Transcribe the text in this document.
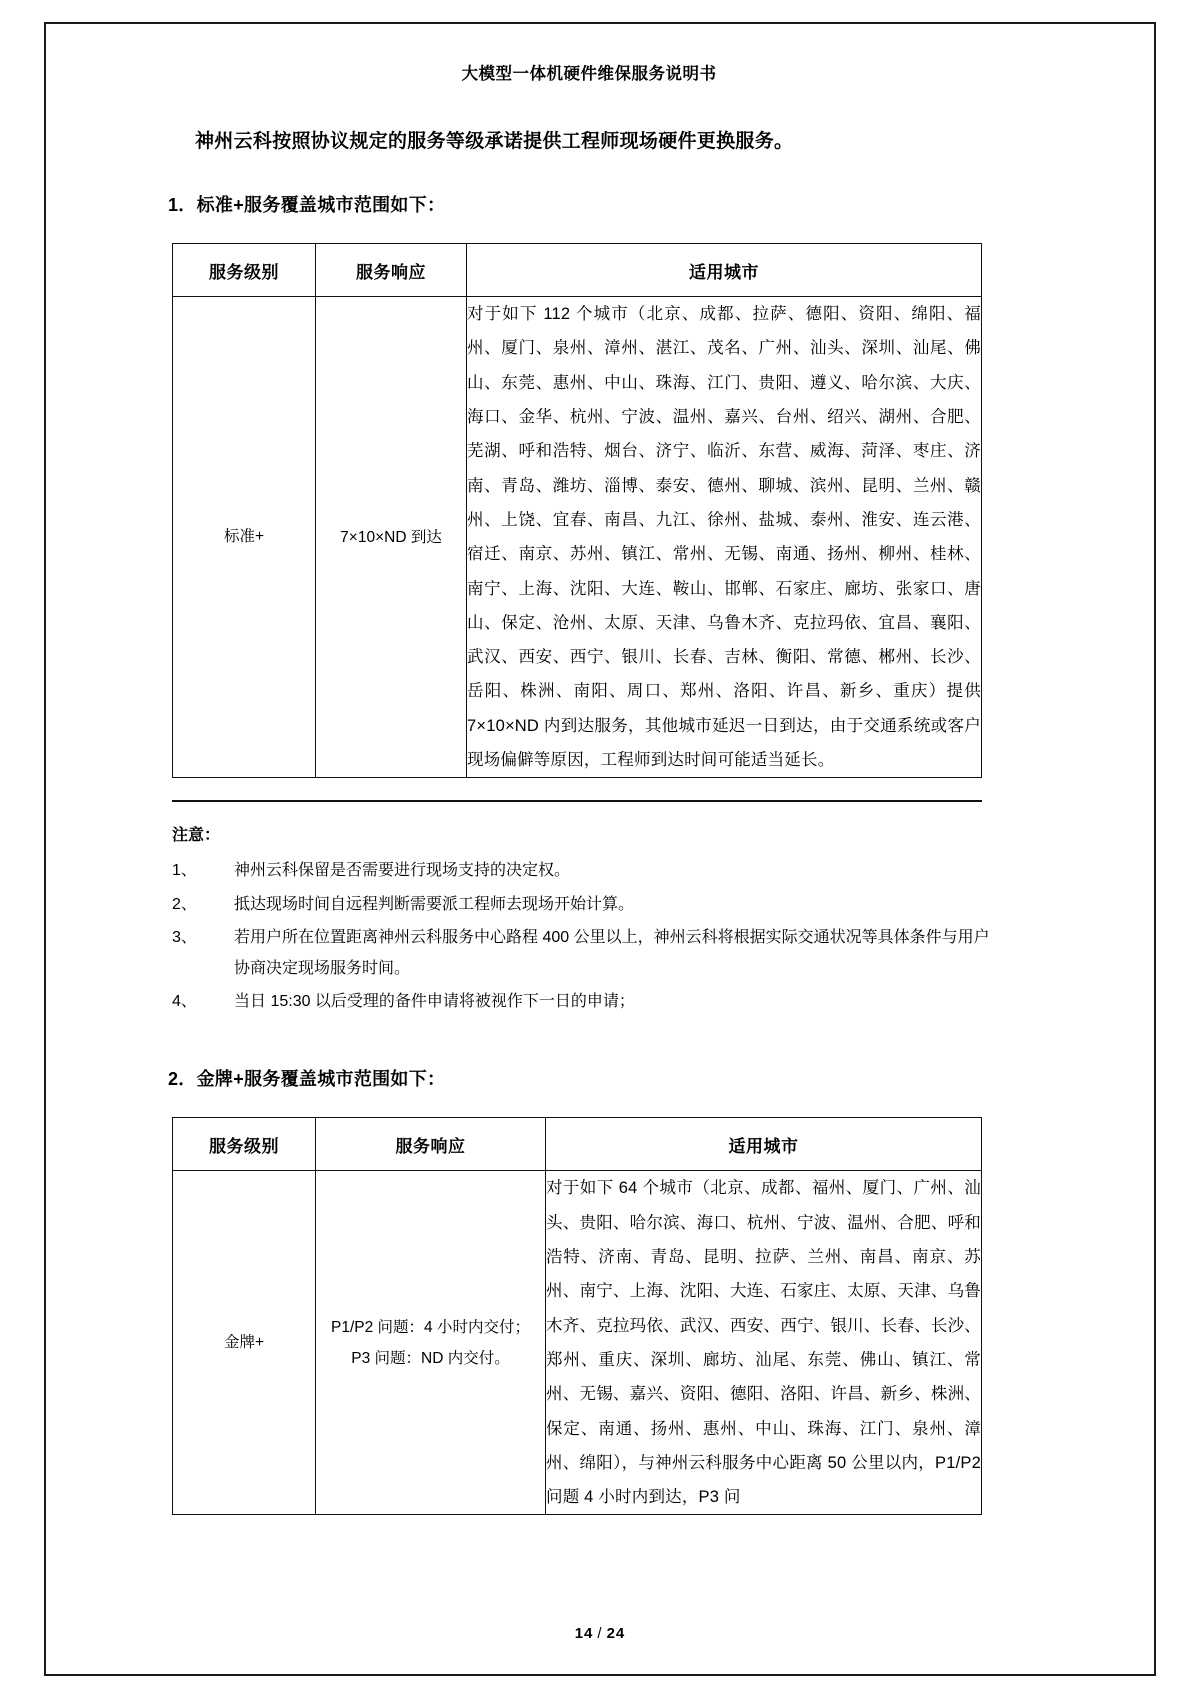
大模型一体机硬件维保服务说明书

神州云科按照协议规定的服务等级承诺提供工程师现场硬件更换服务。

1．标准+服务覆盖城市范围如下：
服务级别	服务响应	适用城市
标准+	7×10×ND 到达	对于如下 112 个城市（北京、成都、拉萨、德阳、资阳、绵阳、福州、厦门、泉州、漳州、湛江、茂名、广州、汕头、深圳、汕尾、佛山、东莞、惠州、中山、珠海、江门、贵阳、遵义、哈尔滨、大庆、海口、金华、杭州、宁波、温州、嘉兴、台州、绍兴、湖州、合肥、芜湖、呼和浩特、烟台、济宁、临沂、东营、威海、菏泽、枣庄、济南、青岛、潍坊、淄博、泰安、德州、聊城、滨州、昆明、兰州、赣州、上饶、宜春、南昌、九江、徐州、盐城、泰州、淮安、连云港、宿迁、南京、苏州、镇江、常州、无锡、南通、扬州、柳州、桂林、南宁、上海、沈阳、大连、鞍山、邯郸、石家庄、廊坊、张家口、唐山、保定、沧州、太原、天津、乌鲁木齐、克拉玛依、宜昌、襄阳、武汉、西安、西宁、银川、长春、吉林、衡阳、常德、郴州、长沙、岳阳、株洲、南阳、周口、郑州、洛阳、许昌、新乡、重庆）提供 7×10×ND 内到达服务，其他城市延迟一日到达，由于交通系统或客户现场偏僻等原因，工程师到达时间可能适当延长。
注意：
1、	神州云科保留是否需要进行现场支持的决定权。
2、	抵达现场时间自远程判断需要派工程师去现场开始计算。
3、	若用户所在位置距离神州云科服务中心路程 400 公里以上，神州云科将根据实际交通状况等具体条件与用户协商决定现场服务时间。
4、	当日 15:30 以后受理的备件申请将被视作下一日的申请；
2．金牌+服务覆盖城市范围如下：
服务级别	服务响应	适用城市
金牌+	P1/P2 问题：4 小时内交付；
P3 问题：ND 内交付。	对于如下 64 个城市（北京、成都、福州、厦门、广州、汕头、贵阳、哈尔滨、海口、杭州、宁波、温州、合肥、呼和浩特、济南、青岛、昆明、拉萨、兰州、南昌、南京、苏州、南宁、上海、沈阳、大连、石家庄、太原、天津、乌鲁木齐、克拉玛依、武汉、西安、西宁、银川、长春、长沙、郑州、重庆、深圳、廊坊、汕尾、东莞、佛山、镇江、常州、无锡、嘉兴、资阳、德阳、洛阳、许昌、新乡、株洲、保定、南通、扬州、惠州、中山、珠海、江门、泉州、漳州、绵阳），与神州云科服务中心距离 50 公里以内，P1/P2 问题 4 小时内到达，P3 问
14 / 24
